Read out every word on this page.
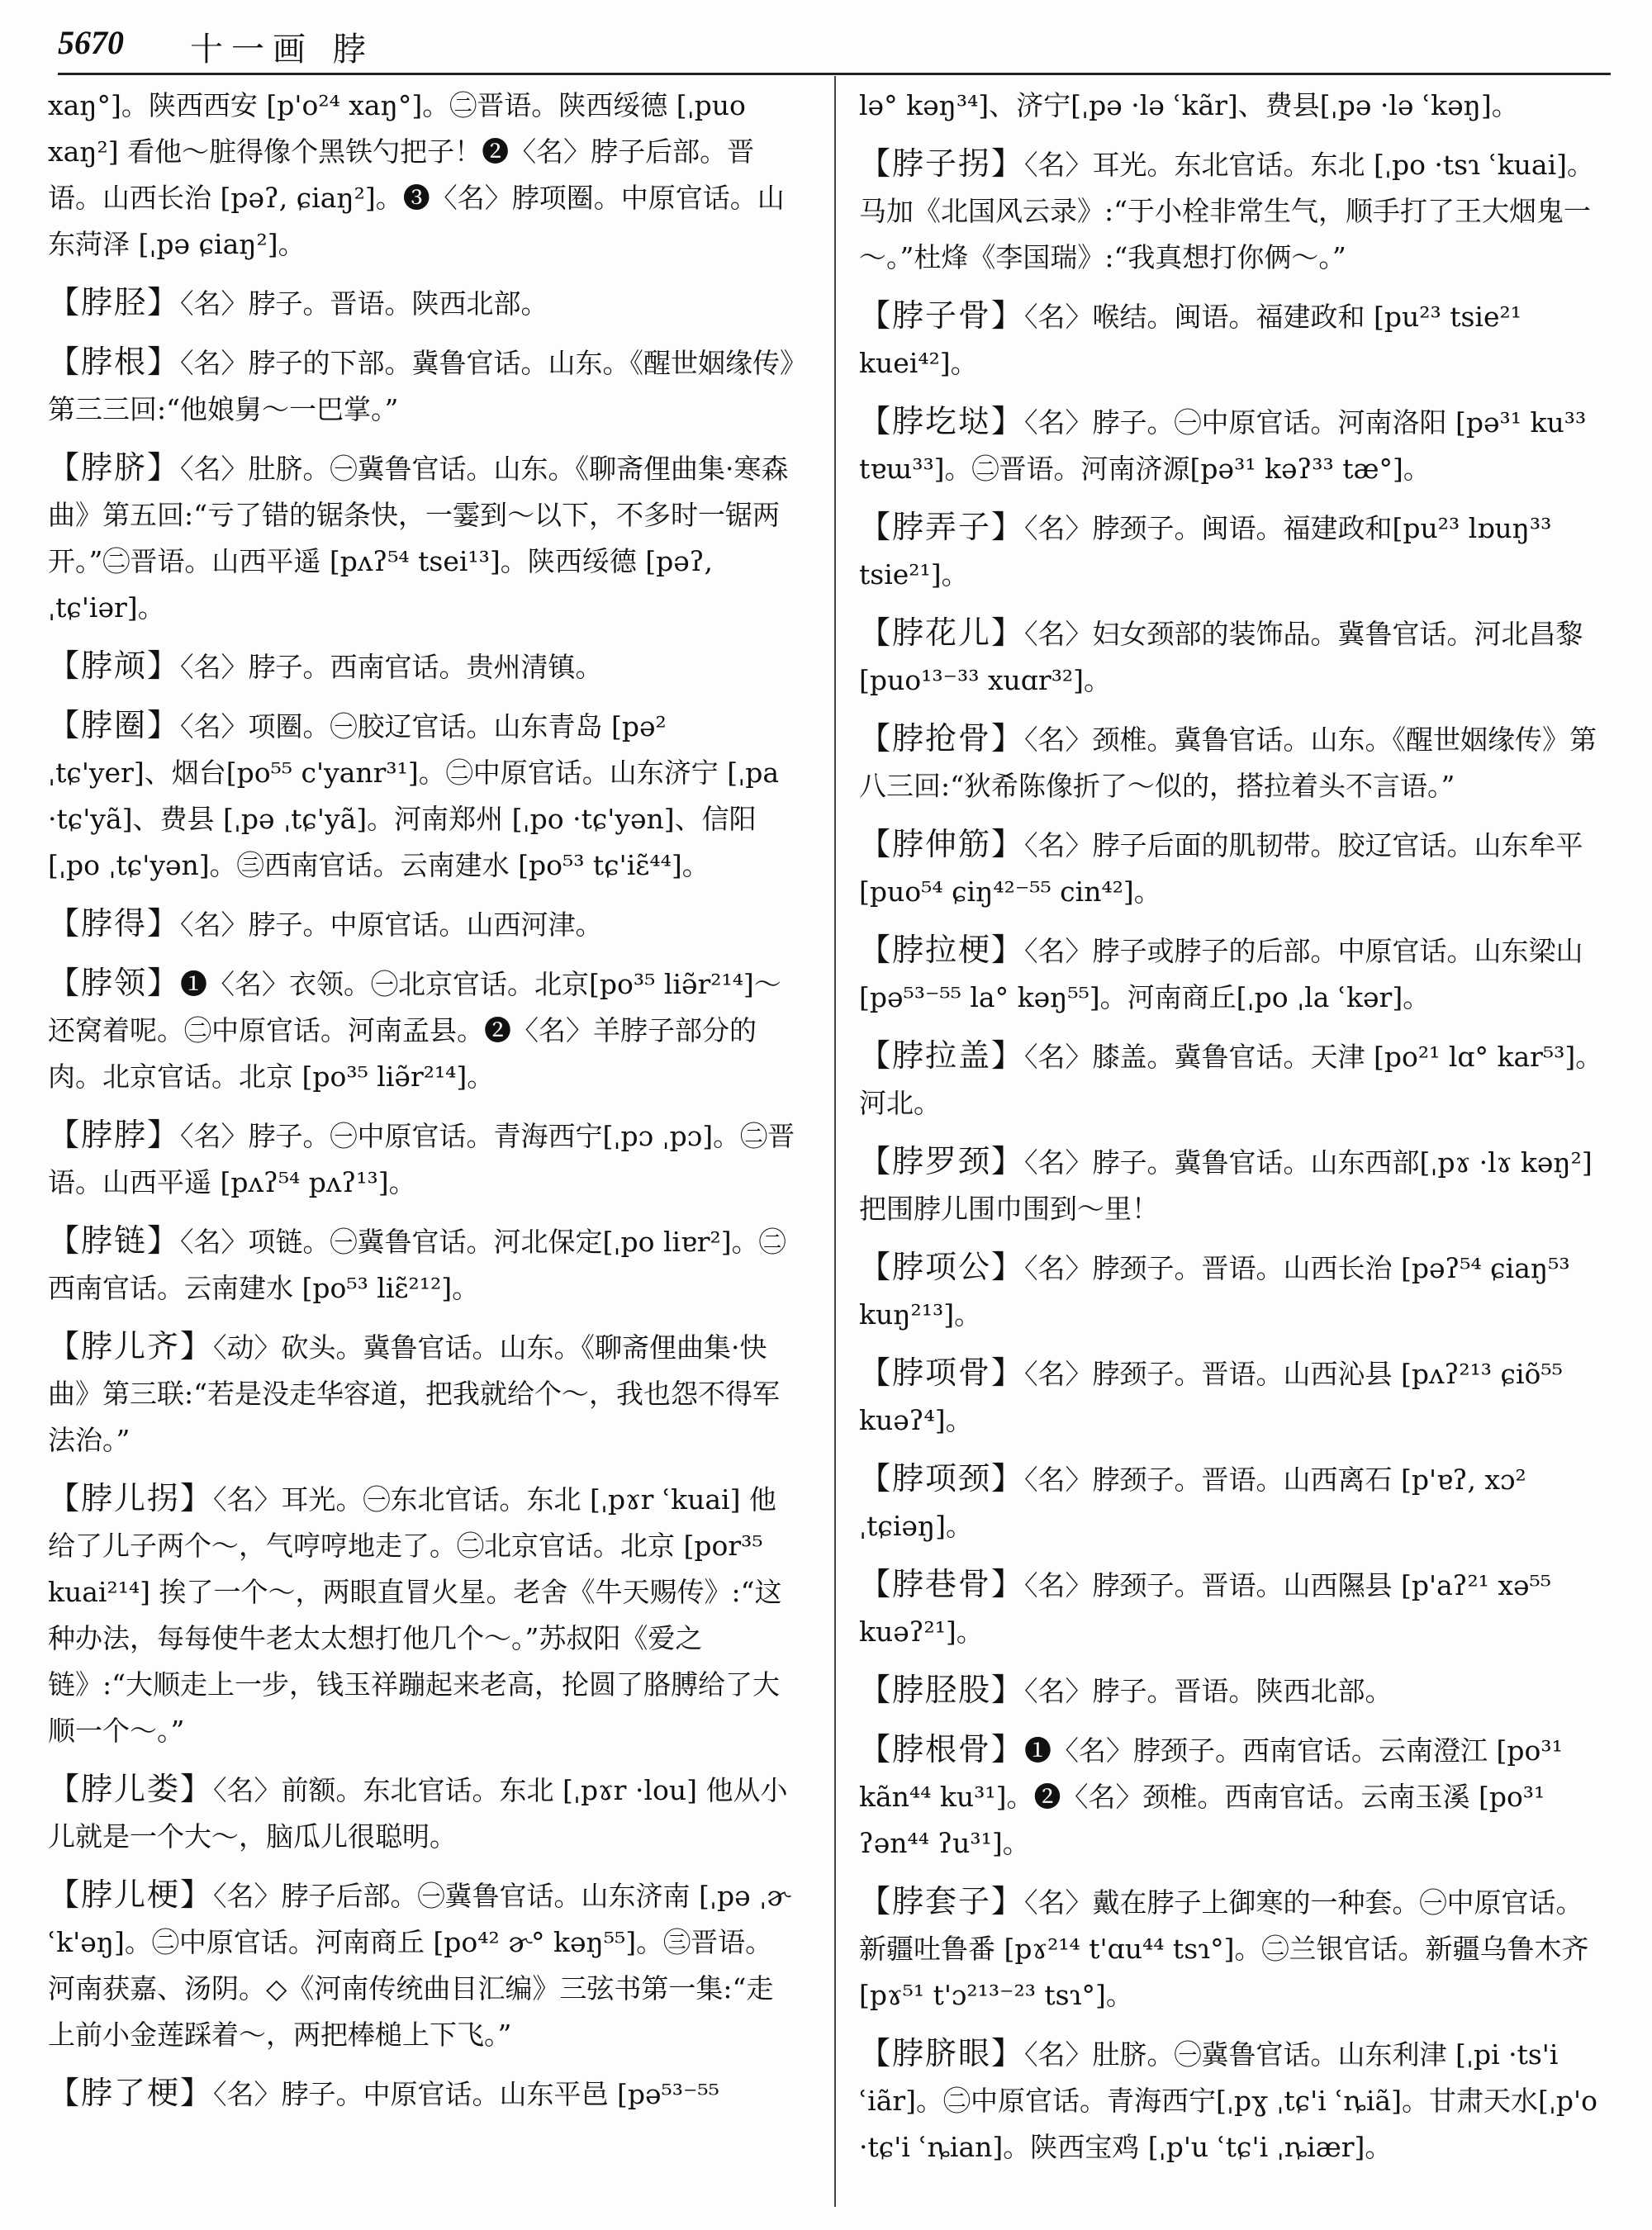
5670 十一画 脖
xaŋ°]。陕西西安 [p'o²⁴ xaŋ°]。㊁晋语。陕西绥德 [ˌpuo xaŋ²] 看他～脏得像个黑铁勺把子！❷〈名〉脖子后部。晋语。山西长治 [pəʔ, ɕiaŋ²]。❸〈名〉脖项圈。中原官话。山东菏泽 [ˌpə ɕiaŋ²]。
【脖胫】〈名〉脖子。晋语。陕西北部。
【脖根】〈名〉脖子的下部。冀鲁官话。山东。《醒世姻缘传》第三三回:“他娘舅～一巴掌。”
【脖脐】〈名〉肚脐。㊀冀鲁官话。山东。《聊斋俚曲集·寒森曲》第五回:“亏了错的锯条快，一霎到～以下，不多时一锯两开。”㊁晋语。山西平遥 [pʌʔ⁵⁴ tsei¹³]。陕西绥德 [pəʔ, ˌtɕ'iər]。
【脖颃】〈名〉脖子。西南官话。贵州清镇。
【脖圈】〈名〉项圈。㊀胶辽官话。山东青岛 [pə² ˌtɕ'yer]、烟台[po⁵⁵ c'yanr³¹]。㊁中原官话。山东济宁 [ˌpa ·tɕ'yã]、费县 [ˌpə ˌtɕ'yã]。河南郑州 [ˌpo ·tɕ'yən]、信阳 [ˌpo ˌtɕ'yən]。㊂西南官话。云南建水 [po⁵³ tɕ'iɛ̃⁴⁴]。
【脖得】〈名〉脖子。中原官话。山西河津。
【脖领】❶〈名〉衣领。㊀北京官话。北京[po³⁵ liə̃r²¹⁴]～还窝着呢。㊁中原官话。河南孟县。❷〈名〉羊脖子部分的肉。北京官话。北京 [po³⁵ liə̃r²¹⁴]。
【脖脖】〈名〉脖子。㊀中原官话。青海西宁[ˌpɔ ˌpɔ]。㊁晋语。山西平遥 [pʌʔ⁵⁴ pʌʔ¹³]。
【脖链】〈名〉项链。㊀冀鲁官话。河北保定[ˌpo liɐr²]。㊁西南官话。云南建水 [po⁵³ liɛ̃²¹²]。
【脖儿齐】〈动〉砍头。冀鲁官话。山东。《聊斋俚曲集·快曲》第三联:“若是没走华容道，把我就给个～，我也怨不得军法治。”
【脖儿拐】〈名〉耳光。㊀东北官话。东北 [ˌpɤr ʿkuai] 他给了儿子两个～，气哼哼地走了。㊁北京官话。北京 [por³⁵ kuai²¹⁴] 挨了一个～，两眼直冒火星。老舍《牛天赐传》:“这种办法，每每使牛老太太想打他几个～。”苏叔阳《爱之链》:“大顺走上一步，钱玉祥蹦起来老高，抡圆了胳膊给了大顺一个～。”
【脖儿娄】〈名〉前额。东北官话。东北 [ˌpɤr ·lou] 他从小儿就是一个大～，脑瓜儿很聪明。
【脖儿梗】〈名〉脖子后部。㊀冀鲁官话。山东济南 [ˌpə ˌɚ ʿk'əŋ]。㊁中原官话。河南商丘 [po⁴² ɚ° kəŋ⁵⁵]。㊂晋语。河南获嘉、汤阴。◇《河南传统曲目汇编》三弦书第一集:“走上前小金莲踩着～，两把棒槌上下飞。”
【脖了梗】〈名〉脖子。中原官话。山东平邑 [pə⁵³⁻⁵⁵
lə° kəŋ³⁴]、济宁[ˌpə ·lə ʿkãr]、费县[ˌpə ·lə ʿkəŋ]。
【脖子拐】〈名〉耳光。东北官话。东北 [ˌpo ·tsɿ ʿkuai]。马加《北国风云录》:“于小栓非常生气，顺手打了王大烟鬼一～。”杜烽《李国瑞》:“我真想打你俩～。”
【脖子骨】〈名〉喉结。闽语。福建政和 [pu²³ tsie²¹ kuei⁴²]。
【脖圪垯】〈名〉脖子。㊀中原官话。河南洛阳 [pə³¹ ku³³ tɐɯ³³]。㊁晋语。河南济源[pə³¹ kəʔ³³ tæ°]。
【脖弄子】〈名〉脖颈子。闽语。福建政和[pu²³ lɒuŋ³³ tsie²¹]。
【脖花儿】〈名〉妇女颈部的装饰品。冀鲁官话。河北昌黎 [puo¹³⁻³³ xuɑr³²]。
【脖抢骨】〈名〉颈椎。冀鲁官话。山东。《醒世姻缘传》第八三回:“狄希陈像折了～似的，搭拉着头不言语。”
【脖伸筋】〈名〉脖子后面的肌韧带。胶辽官话。山东牟平 [puo⁵⁴ ɕiŋ⁴²⁻⁵⁵ cin⁴²]。
【脖拉梗】〈名〉脖子或脖子的后部。中原官话。山东梁山[pə⁵³⁻⁵⁵ la° kəŋ⁵⁵]。河南商丘[ˌpo ˌla ʿkər]。
【脖拉盖】〈名〉膝盖。冀鲁官话。天津 [po²¹ lɑ° kar⁵³]。河北。
【脖罗颈】〈名〉脖子。冀鲁官话。山东西部[ˌpɤ ·lɤ kəŋ²] 把围脖儿围巾围到～里！
【脖项公】〈名〉脖颈子。晋语。山西长治 [pəʔ⁵⁴ ɕiaŋ⁵³ kuŋ²¹³]。
【脖项骨】〈名〉脖颈子。晋语。山西沁县 [pʌʔ²¹³ ɕiõ⁵⁵ kuəʔ⁴]。
【脖项颈】〈名〉脖颈子。晋语。山西离石 [p'ɐʔ, xɔ² ˌtɕiəŋ]。
【脖巷骨】〈名〉脖颈子。晋语。山西隰县 [p'aʔ²¹ xə⁵⁵ kuəʔ²¹]。
【脖胫股】〈名〉脖子。晋语。陕西北部。
【脖根骨】❶〈名〉脖颈子。西南官话。云南澄江 [po³¹ kãn⁴⁴ ku³¹]。❷〈名〉颈椎。西南官话。云南玉溪 [po³¹ ʔən⁴⁴ ʔu³¹]。
【脖套子】〈名〉戴在脖子上御寒的一种套。㊀中原官话。新疆吐鲁番 [pɤ²¹⁴ t'ɑu⁴⁴ tsɿ°]。㊁兰银官话。新疆乌鲁木齐 [pɤ⁵¹ t'ɔ²¹³⁻²³ tsɿ°]。
【脖脐眼】〈名〉肚脐。㊀冀鲁官话。山东利津 [ˌpi ·ts'i ʿiãr]。㊁中原官话。青海西宁[ˌpɣ ˌtɕ'i ʿȵiã]。甘肃天水[ˌp'o ·tɕ'i ʿȵian]。陕西宝鸡 [ˌp'u ʿtɕ'i ˌȵiær]。
